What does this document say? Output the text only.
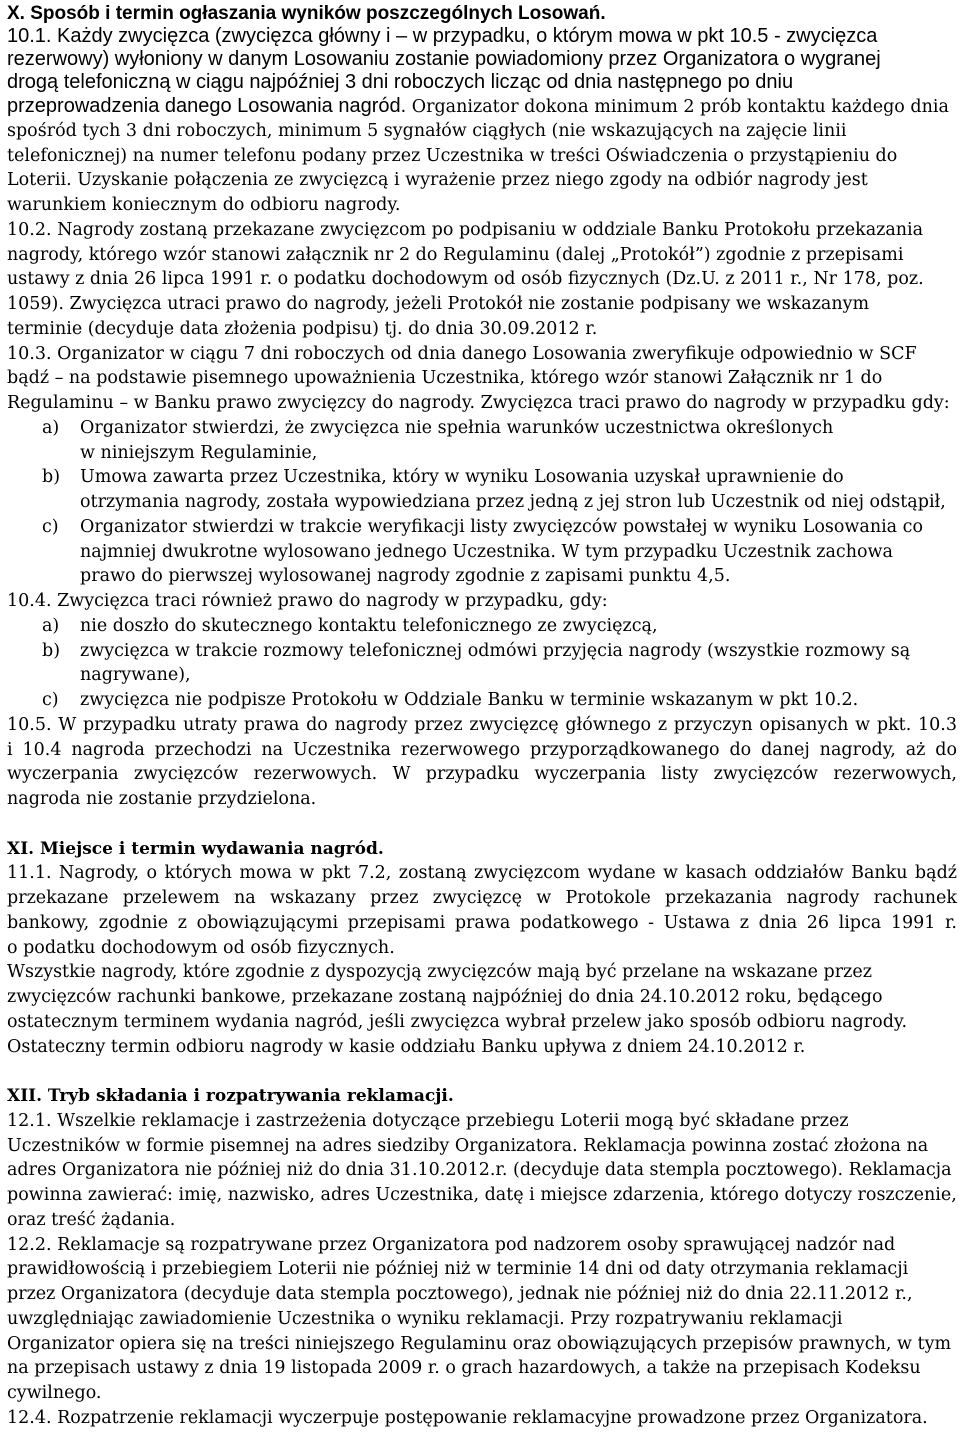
X. Sposób i termin ogłaszania wyników poszczególnych Losowań.
10.1. Każdy zwycięzca (zwycięzca główny i – w przypadku, o którym mowa w pkt 10.5 - zwycięzca
rezerwowy) wyłoniony w danym Losowaniu zostanie powiadomiony przez Organizatora o wygranej
drogą telefoniczną w ciągu najpóźniej 3 dni roboczych licząc od dnia następnego po dniu
przeprowadzenia danego Losowania nagród. Organizator dokona minimum 2 prób kontaktu każdego dnia
spośród tych 3 dni roboczych, minimum 5 sygnałów ciągłych (nie wskazujących na zajęcie linii
telefonicznej) na numer telefonu podany przez Uczestnika w treści Oświadczenia o przystąpieniu do
Loterii. Uzyskanie połączenia ze zwycięzcą i wyrażenie przez niego zgody na odbiór nagrody jest
warunkiem koniecznym do odbioru nagrody.
10.2. Nagrody zostaną przekazane zwycięzcom po podpisaniu w oddziale Banku Protokołu przekazania
nagrody, którego wzór stanowi załącznik nr 2 do Regulaminu (dalej „Protokół”) zgodnie z przepisami
ustawy z dnia 26 lipca 1991 r. o podatku dochodowym od osób fizycznych (Dz.U. z 2011 r., Nr 178, poz.
1059). Zwycięzca utraci prawo do nagrody, jeżeli Protokół nie zostanie podpisany we wskazanym
terminie (decyduje data złożenia podpisu) tj. do dnia 30.09.2012 r.
10.3. Organizator w ciągu 7 dni roboczych od dnia danego Losowania zweryfikuje odpowiednio w SCF
bądź – na podstawie pisemnego upoważnienia Uczestnika, którego wzór stanowi Załącznik nr 1 do
Regulaminu – w Banku prawo zwycięzcy do nagrody. Zwycięzca traci prawo do nagrody w przypadku gdy:
a) Organizator stwierdzi, że zwycięzca nie spełnia warunków uczestnictwa określonych
w niniejszym Regulaminie,
b) Umowa zawarta przez Uczestnika, który w wyniku Losowania uzyskał uprawnienie do
otrzymania nagrody, została wypowiedziana przez jedną z jej stron lub Uczestnik od niej odstąpił,
c) Organizator stwierdzi w trakcie weryfikacji listy zwycięzców powstałej w wyniku Losowania co
najmniej dwukrotne wylosowano jednego Uczestnika. W tym przypadku Uczestnik zachowa
prawo do pierwszej wylosowanej nagrody zgodnie z zapisami punktu 4,5.
10.4. Zwycięzca traci również prawo do nagrody w przypadku, gdy:
a) nie doszło do skutecznego kontaktu telefonicznego ze zwycięzcą,
b) zwycięzca w trakcie rozmowy telefonicznej odmówi przyjęcia nagrody (wszystkie rozmowy są
nagrywane),
c) zwycięzca nie podpisze Protokołu w Oddziale Banku w terminie wskazanym w pkt 10.2.
10.5. W przypadku utraty prawa do nagrody przez zwycięzcę głównego z przyczyn opisanych w pkt. 10.3
i 10.4 nagroda przechodzi na Uczestnika rezerwowego przyporządkowanego do danej nagrody, aż do
wyczerpania zwycięzców rezerwowych. W przypadku wyczerpania listy zwycięzców rezerwowych,
nagroda nie zostanie przydzielona.
XI. Miejsce i termin wydawania nagród.
11.1. Nagrody, o których mowa w pkt 7.2, zostaną zwycięzcom wydane w kasach oddziałów Banku bądź
przekazane przelewem na wskazany przez zwycięzcę w Protokole przekazania nagrody rachunek
bankowy, zgodnie z obowiązującymi przepisami prawa podatkowego - Ustawa z dnia 26 lipca 1991 r.
o podatku dochodowym od osób fizycznych.
Wszystkie nagrody, które zgodnie z dyspozycją zwycięzców mają być przelane na wskazane przez
zwycięzców rachunki bankowe, przekazane zostaną najpóźniej do dnia 24.10.2012 roku, będącego
ostatecznym terminem wydania nagród, jeśli zwycięzca wybrał przelew jako sposób odbioru nagrody.
Ostateczny termin odbioru nagrody w kasie oddziału Banku upływa z dniem 24.10.2012 r.
XII. Tryb składania i rozpatrywania reklamacji.
12.1. Wszelkie reklamacje i zastrzeżenia dotyczące przebiegu Loterii mogą być składane przez
Uczestników w formie pisemnej na adres siedziby Organizatora. Reklamacja powinna zostać złożona na
adres Organizatora nie później niż do dnia 31.10.2012.r. (decyduje data stempla pocztowego). Reklamacja
powinna zawierać: imię, nazwisko, adres Uczestnika, datę i miejsce zdarzenia, którego dotyczy roszczenie,
oraz treść żądania.
12.2. Reklamacje są rozpatrywane przez Organizatora pod nadzorem osoby sprawującej nadzór nad
prawidłowością i przebiegiem Loterii nie później niż w terminie 14 dni od daty otrzymania reklamacji
przez Organizatora (decyduje data stempla pocztowego), jednak nie później niż do dnia 22.11.2012 r.,
uwzględniając zawiadomienie Uczestnika o wyniku reklamacji. Przy rozpatrywaniu reklamacji
Organizator opiera się na treści niniejszego Regulaminu oraz obowiązujących przepisów prawnych, w tym
na przepisach ustawy z dnia 19 listopada 2009 r. o grach hazardowych, a także na przepisach Kodeksu
cywilnego.
12.4. Rozpatrzenie reklamacji wyczerpuje postępowanie reklamacyjne prowadzone przez Organizatora.
